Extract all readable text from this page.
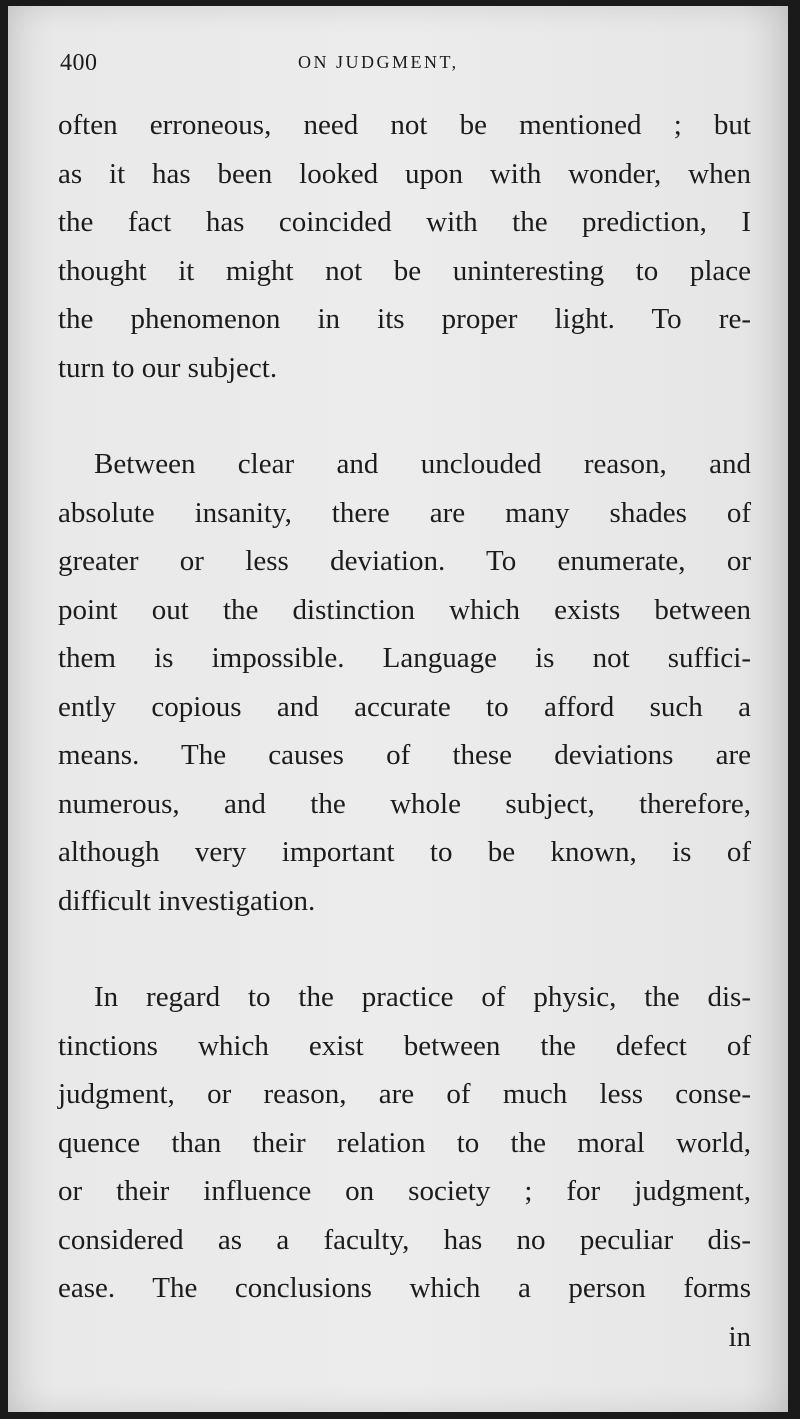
400	ON JUDGMENT,
often erroneous, need not be mentioned ; but
as it has been looked upon with wonder, when
the fact has coincided with the prediction, I
thought it might not be uninteresting to place
the phenomenon in its proper light. To re-
turn to our subject.
Between clear and unclouded reason, and
absolute insanity, there are many shades of
greater or less deviation. To enumerate, or
point out the distinction which exists between
them is impossible. Language is not suffici-
ently copious and accurate to afford such a
means. The causes of these deviations are
numerous, and the whole subject, therefore,
although very important to be known, is of
difficult investigation.
In regard to the practice of physic, the dis-
tinctions which exist between the defect of
judgment, or reason, are of much less conse-
quence than their relation to the moral world,
or their influence on society ; for judgment,
considered as a faculty, has no peculiar dis-
ease. The conclusions which a person forms
in
